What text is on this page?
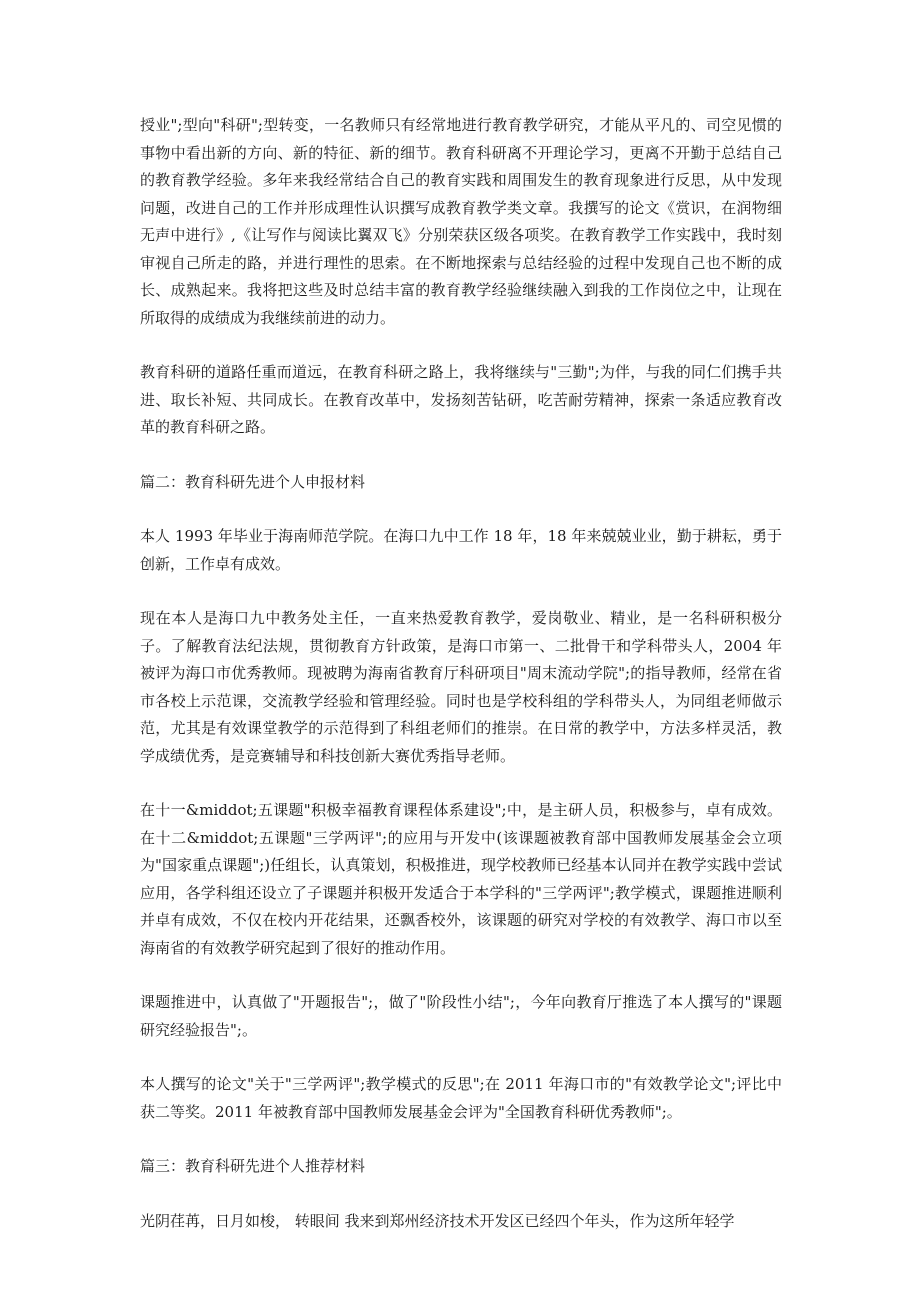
授业";型向"科研";型转变，一名教师只有经常地进行教育教学研究，才能从平凡的、司空见惯的事物中看出新的方向、新的特征、新的细节。教育科研离不开理论学习，更离不开勤于总结自己的教育教学经验。多年来我经常结合自己的教育实践和周围发生的教育现象进行反思，从中发现问题，改进自己的工作并形成理性认识撰写成教育教学类文章。我撰写的论文《赏识，在润物细无声中进行》,《让写作与阅读比翼双飞》分别荣获区级各项奖。在教育教学工作实践中，我时刻审视自己所走的路，并进行理性的思索。在不断地探索与总结经验的过程中发现自己也不断的成长、成熟起来。我将把这些及时总结丰富的教育教学经验继续融入到我的工作岗位之中，让现在所取得的成绩成为我继续前进的动力。

教育科研的道路任重而道远，在教育科研之路上，我将继续与"三勤";为伴，与我的同仁们携手共进、取长补短、共同成长。在教育改革中，发扬刻苦钻研，吃苦耐劳精神，探索一条适应教育改革的教育科研之路。

篇二：教育科研先进个人申报材料

本人 1993 年毕业于海南师范学院。在海口九中工作 18 年，18 年来兢兢业业，勤于耕耘，勇于创新，工作卓有成效。

现在本人是海口九中教务处主任，一直来热爱教育教学，爱岗敬业、精业，是一名科研积极分子。了解教育法纪法规，贯彻教育方针政策，是海口市第一、二批骨干和学科带头人，2004 年被评为海口市优秀教师。现被聘为海南省教育厅科研项目"周末流动学院";的指导教师，经常在省市各校上示范课，交流教学经验和管理经验。同时也是学校科组的学科带头人，为同组老师做示范，尤其是有效课堂教学的示范得到了科组老师们的推崇。在日常的教学中，方法多样灵活，教学成绩优秀，是竞赛辅导和科技创新大赛优秀指导老师。

在十一&middot;五课题"积极幸福教育课程体系建设";中，是主研人员，积极参与，卓有成效。在十二&middot;五课题"三学两评";的应用与开发中(该课题被教育部中国教师发展基金会立项为"国家重点课题";)任组长，认真策划，积极推进，现学校教师已经基本认同并在教学实践中尝试应用，各学科组还设立了子课题并积极开发适合于本学科的"三学两评";教学模式，课题推进顺利并卓有成效，不仅在校内开花结果，还飘香校外，该课题的研究对学校的有效教学、海口市以至海南省的有效教学研究起到了很好的推动作用。

课题推进中，认真做了"开题报告";，做了"阶段性小结";，今年向教育厅推选了本人撰写的"课题研究经验报告";。

本人撰写的论文"关于"三学两评";教学模式的反思";在 2011 年海口市的"有效教学论文";评比中获二等奖。2011 年被教育部中国教师发展基金会评为"全国教育科研优秀教师";。

篇三：教育科研先进个人推荐材料

光阴荏苒，日月如梭， 转眼间 我来到郑州经济技术开发区已经四个年头，作为这所年轻学
